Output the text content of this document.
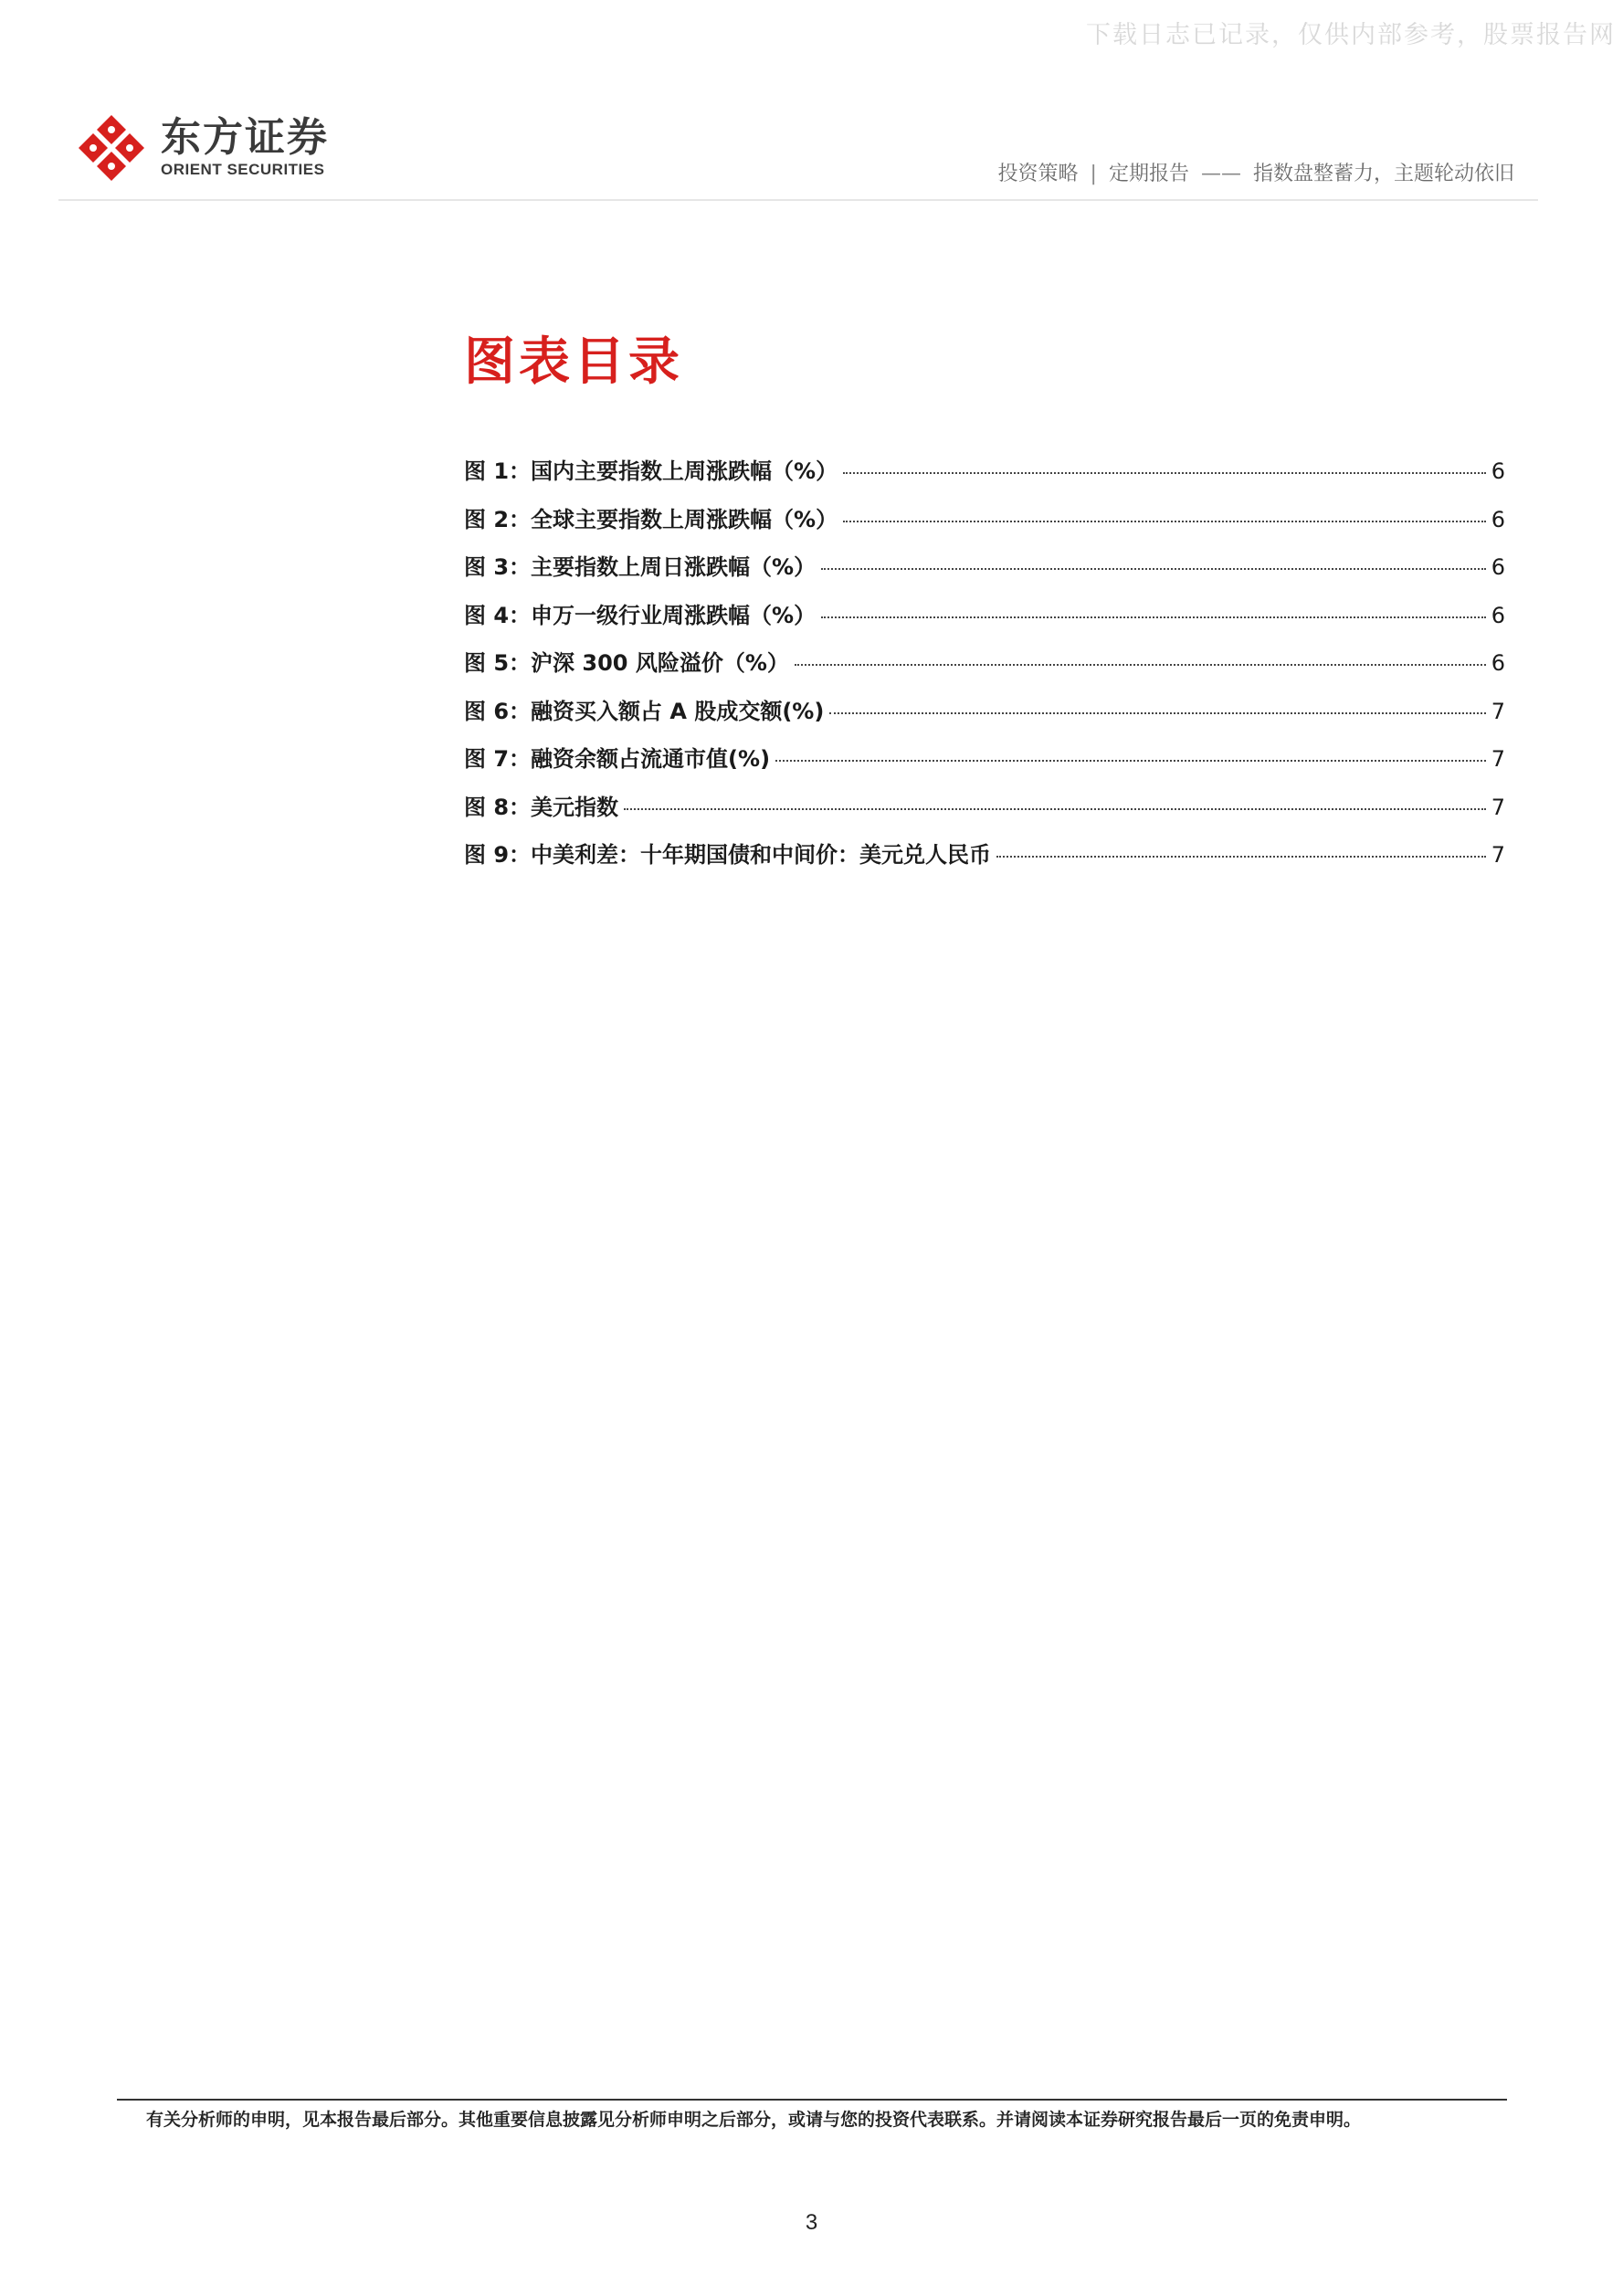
下载日志已记录，仅供内部参考，股票报告网
东方证券
ORIENT SECURITIES	投资策略 | 定期报告 —— 指数盘整蓄力，主题轮动依旧
图表目录
图 1：国内主要指数上周涨跌幅（%）	6
图 2：全球主要指数上周涨跌幅（%）	6
图 3：主要指数上周日涨跌幅（%）	6
图 4：申万一级行业周涨跌幅（%）	6
图 5：沪深 300 风险溢价（%）	6
图 6：融资买入额占 A 股成交额(%)	7
图 7：融资余额占流通市值(%)	7
图 8：美元指数	7
图 9：中美利差：十年期国债和中间价：美元兑人民币	7
有关分析师的申明，见本报告最后部分。其他重要信息披露见分析师申明之后部分，或请与您的投资代表联系。并请阅读本证券研究报告最后一页的免责申明。
3
